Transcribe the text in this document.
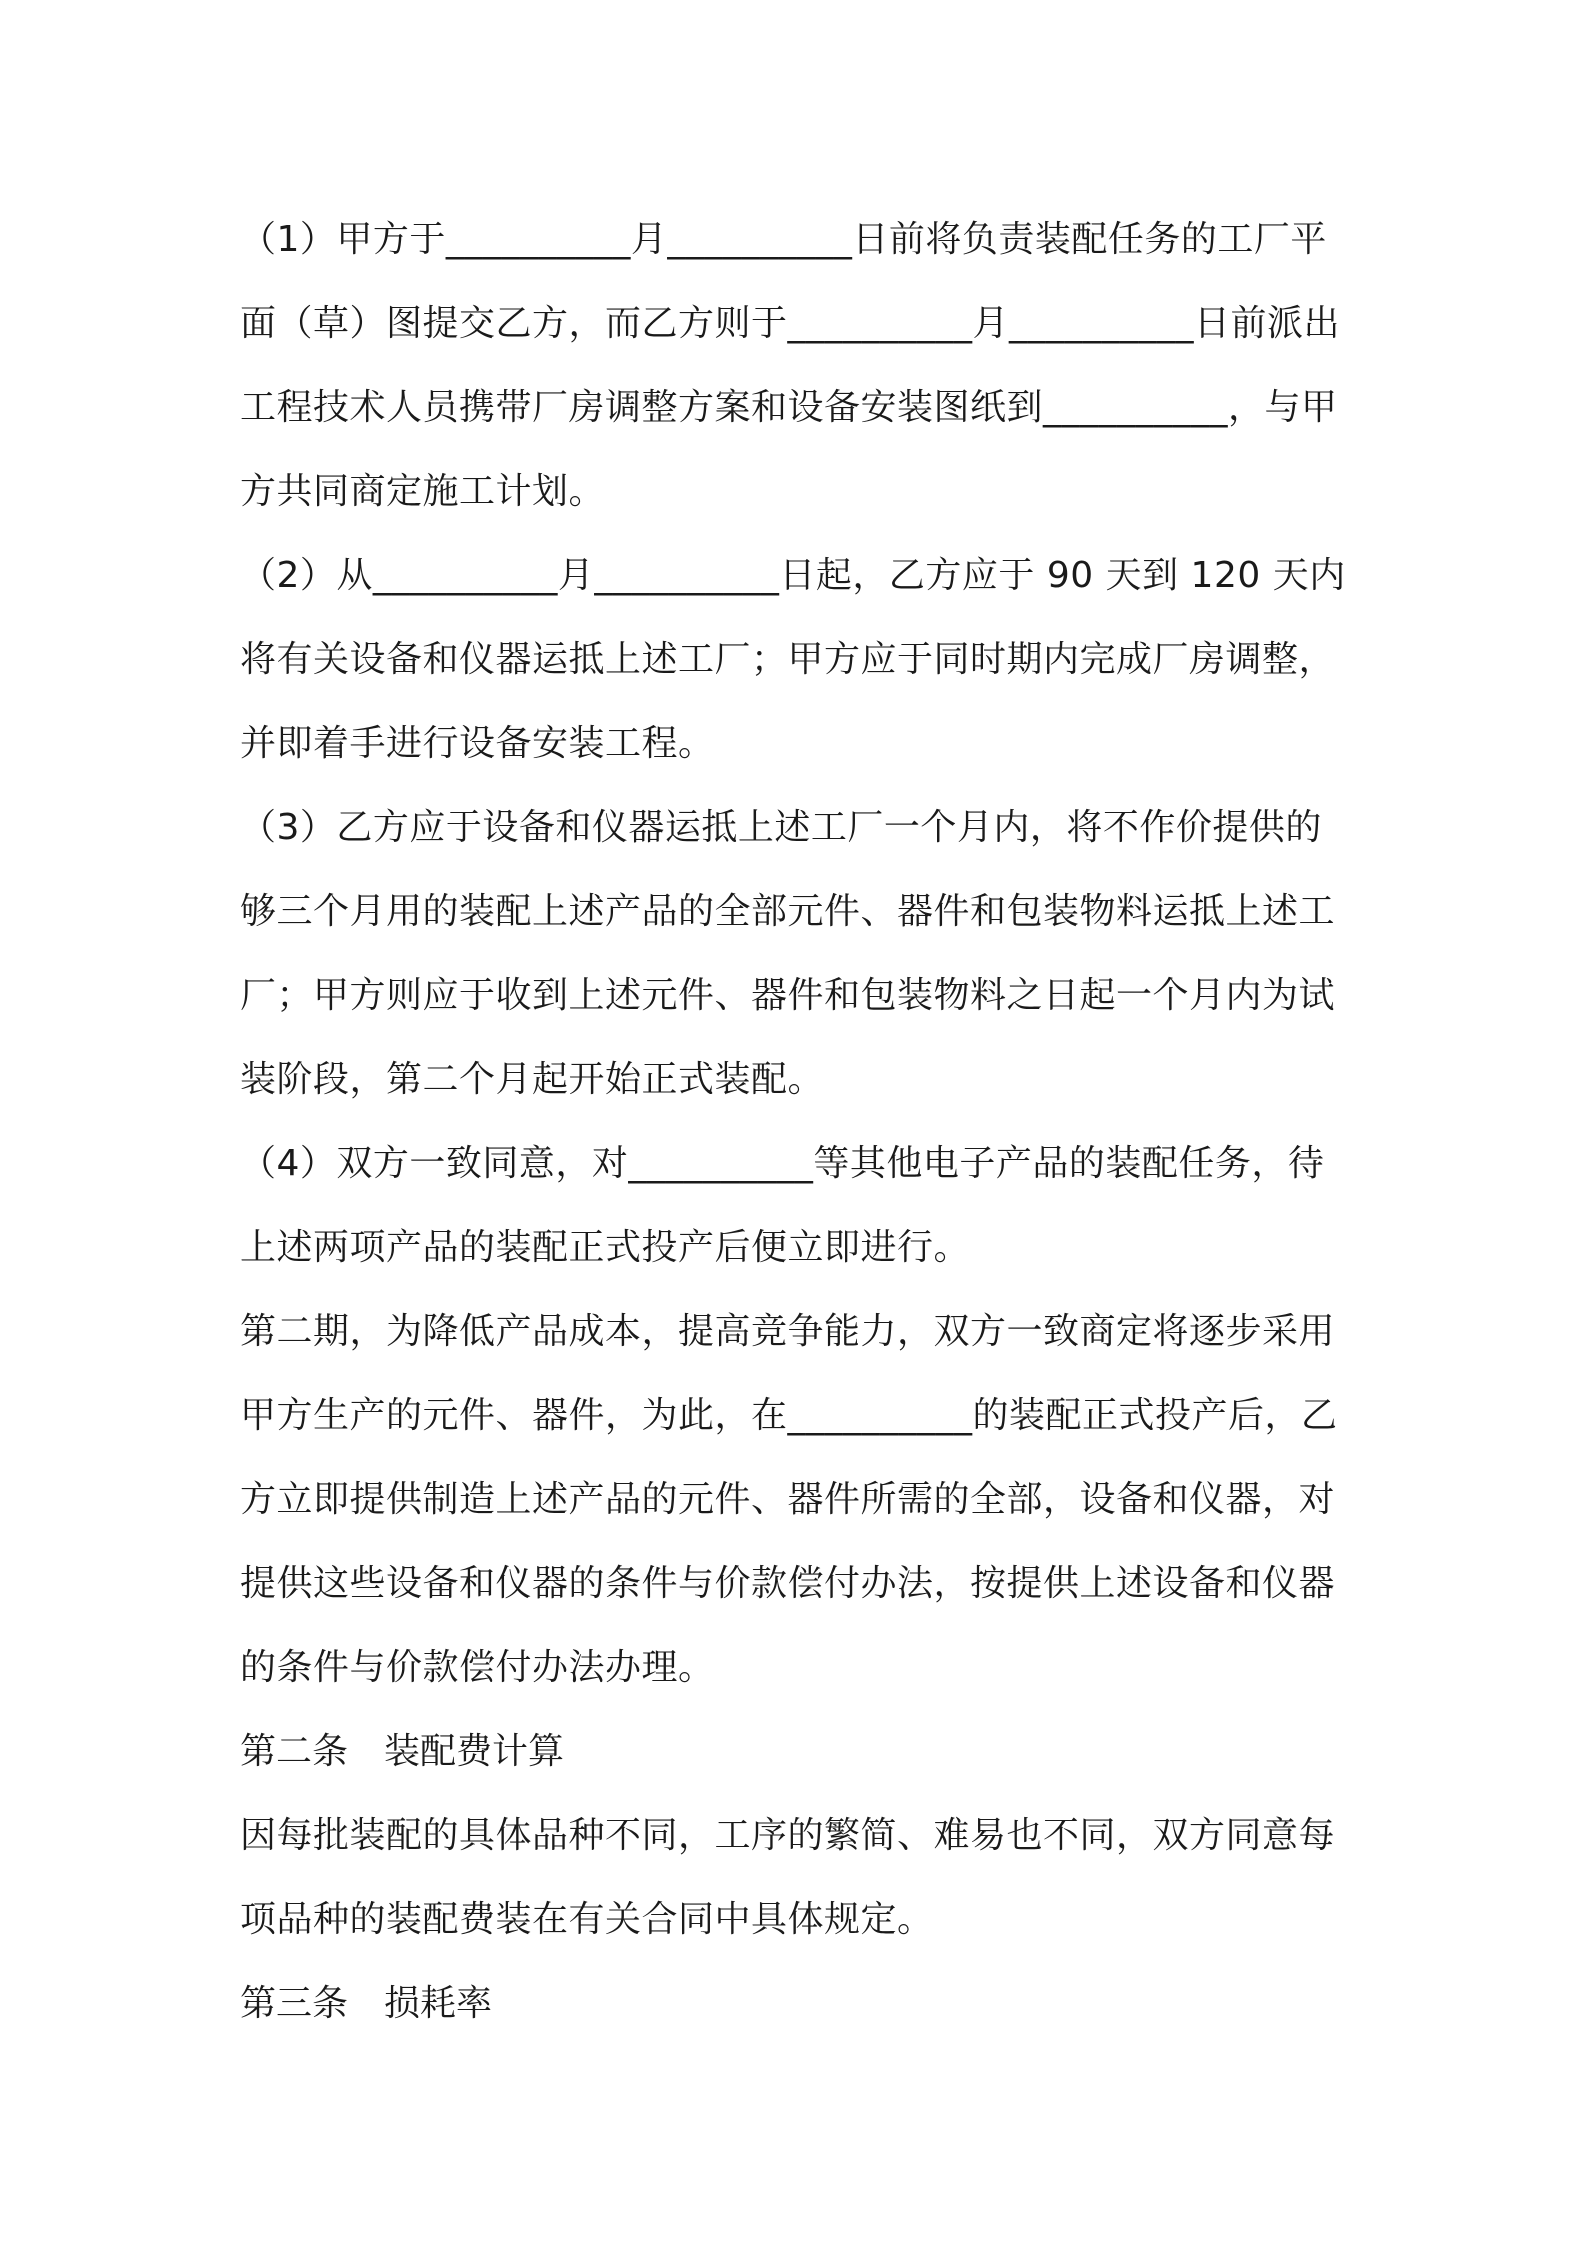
（1）甲方于__________月__________日前将负责装配任务的工厂平
面（草）图提交乙方，而乙方则于__________月__________日前派出
工程技术人员携带厂房调整方案和设备安装图纸到__________，与甲
方共同商定施工计划。

（2）从__________月__________日起，乙方应于 90 天到 120 天内
将有关设备和仪器运抵上述工厂；甲方应于同时期内完成厂房调整，
并即着手进行设备安装工程。

（3）乙方应于设备和仪器运抵上述工厂一个月内，将不作价提供的
够三个月用的装配上述产品的全部元件、器件和包装物料运抵上述工
厂；甲方则应于收到上述元件、器件和包装物料之日起一个月内为试
装阶段，第二个月起开始正式装配。

（4）双方一致同意，对__________等其他电子产品的装配任务，待
上述两项产品的装配正式投产后便立即进行。

第二期，为降低产品成本，提高竞争能力，双方一致商定将逐步采用
甲方生产的元件、器件，为此，在__________的装配正式投产后，乙
方立即提供制造上述产品的元件、器件所需的全部，设备和仪器，对
提供这些设备和仪器的条件与价款偿付办法，按提供上述设备和仪器
的条件与价款偿付办法办理。

第二条　装配费计算

因每批装配的具体品种不同，工序的繁简、难易也不同，双方同意每
项品种的装配费装在有关合同中具体规定。

第三条　损耗率
